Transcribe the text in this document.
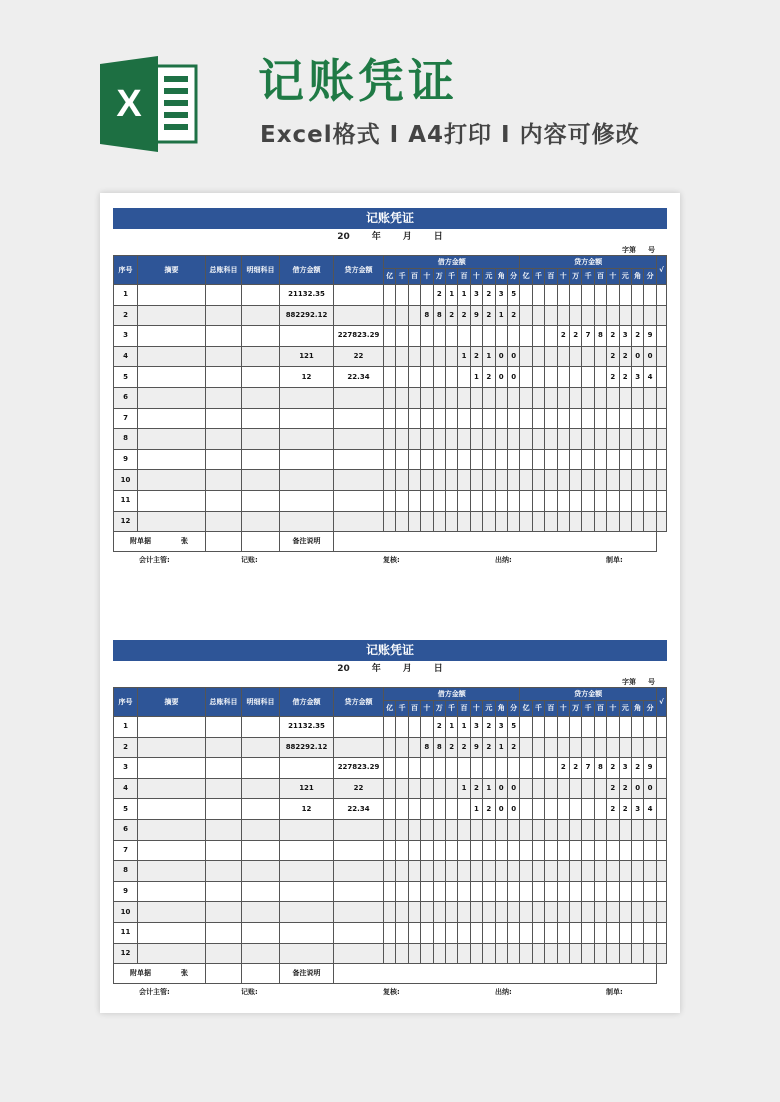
X	记账凭证
Excel格式 I A4打印 I 内容可修改
记账凭证
20 年 月 日
字第 号
序号	摘要	总账科目	明细科目	借方金额	贷方金额	借方金额											贷方金额											√
						亿	千	百	十	万	千	百	十	元	角	分	亿	千	百	十	万	千	百	十	元	角	分	
1				21132.35						2	1	1	3	2	3	5												
2				882292.12					8	8	2	2	9	2	1	2												
3					227823.29															2	2	7	8	2	3	2	9	
4				121	22							1	2	1	0	0								2	2	0	0	
5				12	22.34								1	2	0	0								2	2	3	4	
6																												
7																												
8																												
9																												
10																												
11																												
12																												
附单据 张				备注说明																								
会计主管:	记账:	复核:	出纳:	制单:
记账凭证
20 年 月 日
字第 号
序号	摘要	总账科目	明细科目	借方金额	贷方金额	借方金额											贷方金额											√
						亿	千	百	十	万	千	百	十	元	角	分	亿	千	百	十	万	千	百	十	元	角	分	
1				21132.35						2	1	1	3	2	3	5												
2				882292.12					8	8	2	2	9	2	1	2												
3					227823.29															2	2	7	8	2	3	2	9	
4				121	22							1	2	1	0	0								2	2	0	0	
5				12	22.34								1	2	0	0								2	2	3	4	
6																												
7																												
8																												
9																												
10																												
11																												
12																												
附单据 张				备注说明																								
会计主管:	记账:	复核:	出纳:	制单:
